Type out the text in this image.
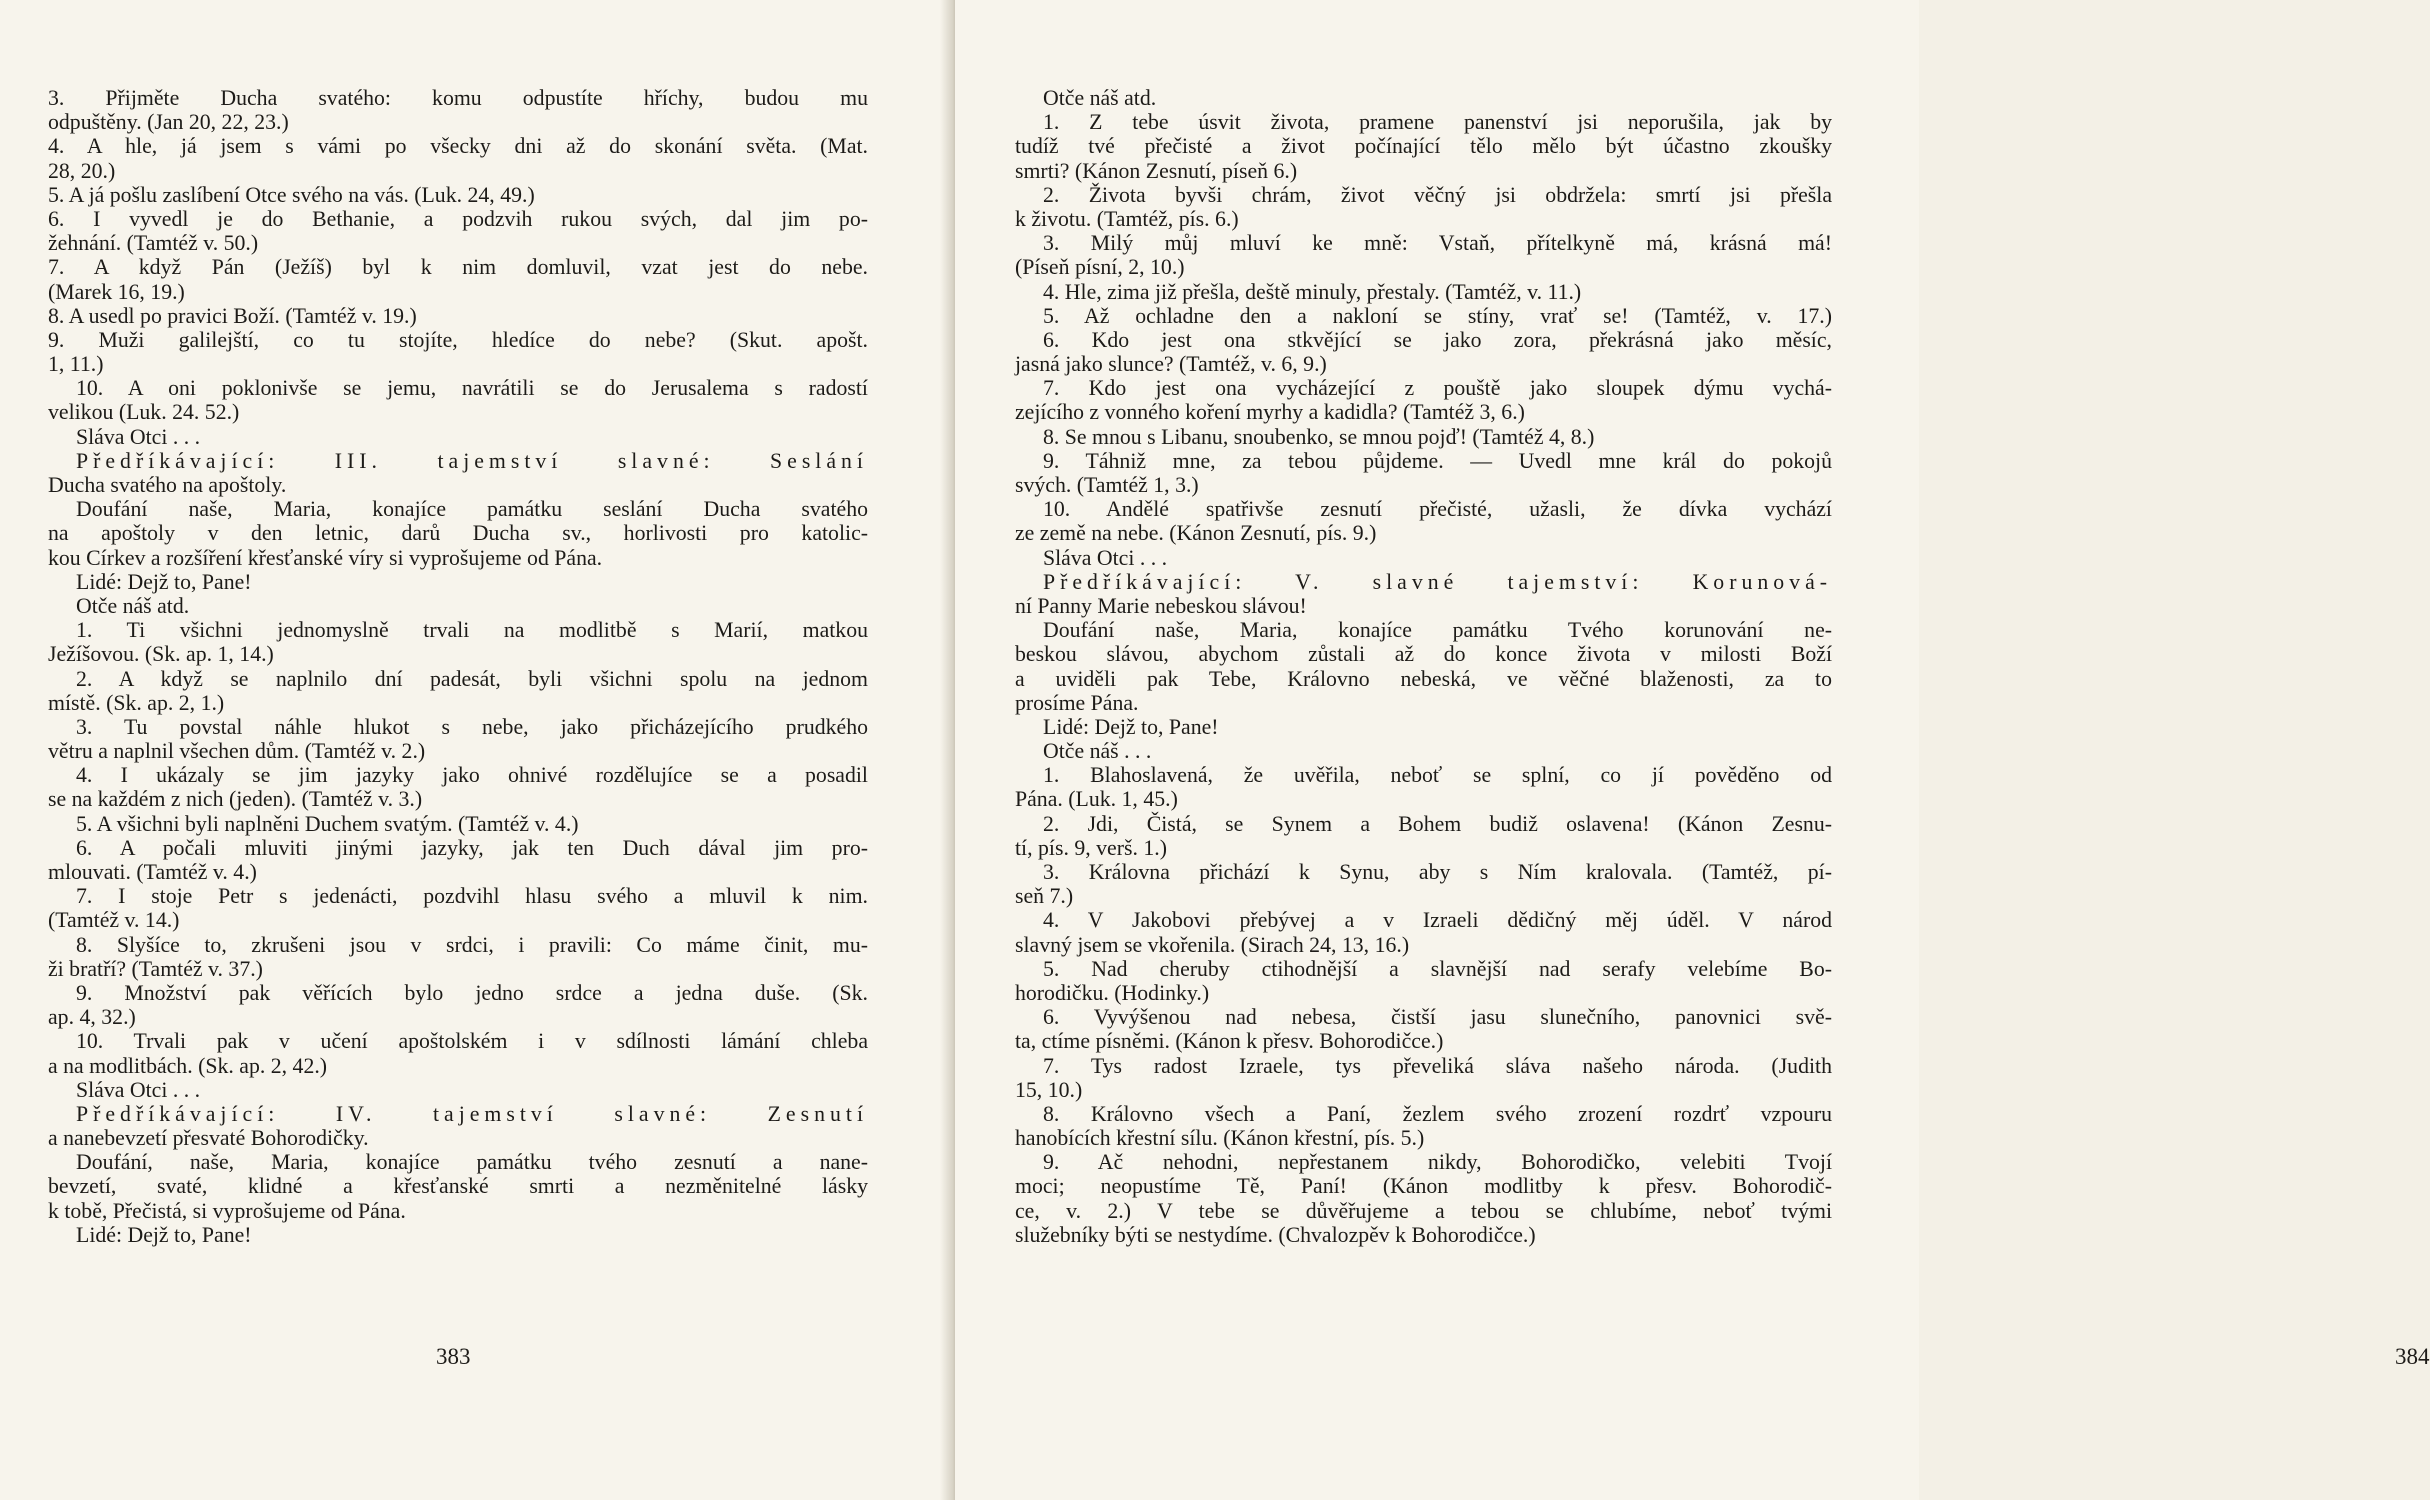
3. Přijměte Ducha svatého: komu odpustíte hříchy, budou mu
odpuštěny. (Jan 20, 22, 23.)
4. A hle, já jsem s vámi po všecky dni až do skonání světa. (Mat.
28, 20.)
5. A já pošlu zaslíbení Otce svého na vás. (Luk. 24, 49.)
6. I vyvedl je do Bethanie, a podzvih rukou svých, dal jim po-
žehnání. (Tamtéž v. 50.)
7. A když Pán (Ježíš) byl k nim domluvil, vzat jest do nebe.
(Marek 16, 19.)
8. A usedl po pravici Boží. (Tamtéž v. 19.)
9. Muži galilejští, co tu stojíte, hledíce do nebe? (Skut. apošt.
1, 11.)
10. A oni poklonivše se jemu, navrátili se do Jerusalema s radostí
velikou (Luk. 24. 52.)
Sláva Otci . . .
Předříkávající: III. tajemství slavné: Seslání
Ducha svatého na apoštoly.
Doufání naše, Maria, konajíce památku seslání Ducha svatého
na apoštoly v den letnic, darů Ducha sv., horlivosti pro katolic-
kou Církev a rozšíření křesťanské víry si vyprošujeme od Pána.
Lidé: Dejž to, Pane!
Otče náš atd.
1. Ti všichni jednomyslně trvali na modlitbě s Marií, matkou
Ježíšovou. (Sk. ap. 1, 14.)
2. A když se naplnilo dní padesát, byli všichni spolu na jednom
místě. (Sk. ap. 2, 1.)
3. Tu povstal náhle hlukot s nebe, jako přicházejícího prudkého
větru a naplnil všechen dům. (Tamtéž v. 2.)
4. I ukázaly se jim jazyky jako ohnivé rozdělujíce se a posadil
se na každém z nich (jeden). (Tamtéž v. 3.)
5. A všichni byli naplněni Duchem svatým. (Tamtéž v. 4.)
6. A počali mluviti jinými jazyky, jak ten Duch dával jim pro-
mlouvati. (Tamtéž v. 4.)
7. I stoje Petr s jedenácti, pozdvihl hlasu svého a mluvil k nim.
(Tamtéž v. 14.)
8. Slyšíce to, zkrušeni jsou v srdci, i pravili: Co máme činit, mu-
ži bratří? (Tamtéž v. 37.)
9. Množství pak věřících bylo jedno srdce a jedna duše. (Sk.
ap. 4, 32.)
10. Trvali pak v učení apoštolském i v sdílnosti lámání chleba
a na modlitbách. (Sk. ap. 2, 42.)
Sláva Otci . . .
Předříkávající: IV. tajemství slavné: Zesnutí
a nanebevzetí přesvaté Bohorodičky.
Doufání, naše, Maria, konajíce památku tvého zesnutí a nane-
bevzetí, svaté, klidné a křesťanské smrti a nezměnitelné lásky
k tobě, Přečistá, si vyprošujeme od Pána.
Lidé: Dejž to, Pane!
383
Otče náš atd.
1. Z tebe úsvit života, pramene panenství jsi neporušila, jak by
tudíž tvé přečisté a život počínající tělo mělo být účastno zkoušky
smrti? (Kánon Zesnutí, píseň 6.)
2. Života byvši chrám, život věčný jsi obdržela: smrtí jsi přešla
k životu. (Tamtéž, pís. 6.)
3. Milý můj mluví ke mně: Vstaň, přítelkyně má, krásná má!
(Píseň písní, 2, 10.)
4. Hle, zima již přešla, deště minuly, přestaly. (Tamtéž, v. 11.)
5. Až ochladne den a nakloní se stíny, vrať se! (Tamtéž, v. 17.)
6. Kdo jest ona stkvějící se jako zora, překrásná jako měsíc,
jasná jako slunce? (Tamtéž, v. 6, 9.)
7. Kdo jest ona vycházející z pouště jako sloupek dýmu vychá-
zejícího z vonného koření myrhy a kadidla? (Tamtéž 3, 6.)
8. Se mnou s Libanu, snoubenko, se mnou pojď! (Tamtéž 4, 8.)
9. Táhniž mne, za tebou půjdeme. — Uvedl mne král do pokojů
svých. (Tamtéž 1, 3.)
10. Andělé spatřivše zesnutí přečisté, užasli, že dívka vychází
ze země na nebe. (Kánon Zesnutí, pís. 9.)
Sláva Otci . . .
Předříkávající: V. slavné tajemství: Korunová-
ní Panny Marie nebeskou slávou!
Doufání naše, Maria, konajíce památku Tvého korunování ne-
beskou slávou, abychom zůstali až do konce života v milosti Boží
a uviděli pak Tebe, Královno nebeská, ve věčné blaženosti, za to
prosíme Pána.
Lidé: Dejž to, Pane!
Otče náš . . .
1. Blahoslavená, že uvěřila, neboť se splní, co jí pověděno od
Pána. (Luk. 1, 45.)
2. Jdi, Čistá, se Synem a Bohem budiž oslavena! (Kánon Zesnu-
tí, pís. 9, verš. 1.)
3. Královna přichází k Synu, aby s Ním kralovala. (Tamtéž, pí-
seň 7.)
4. V Jakobovi přebývej a v Izraeli dědičný měj úděl. V národ
slavný jsem se vkořenila. (Sirach 24, 13, 16.)
5. Nad cheruby ctihodnější a slavnější nad serafy velebíme Bo-
horodičku. (Hodinky.)
6. Vyvýšenou nad nebesa, čistší jasu slunečního, panovnici svě-
ta, ctíme písněmi. (Kánon k přesv. Bohorodičce.)
7. Tys radost Izraele, tys převeliká sláva našeho národa. (Judith
15, 10.)
8. Královno všech a Paní, žezlem svého zrození rozdrť vzpouru
hanobících křestní sílu. (Kánon křestní, pís. 5.)
9. Ač nehodni, nepřestanem nikdy, Bohorodičko, velebiti Tvojí
moci; neopustíme Tě, Paní! (Kánon modlitby k přesv. Bohorodič-
ce, v. 2.) V tebe se důvěřujeme a tebou se chlubíme, neboť tvými
služebníky býti se nestydíme. (Chvalozpěv k Bohorodičce.)
384
